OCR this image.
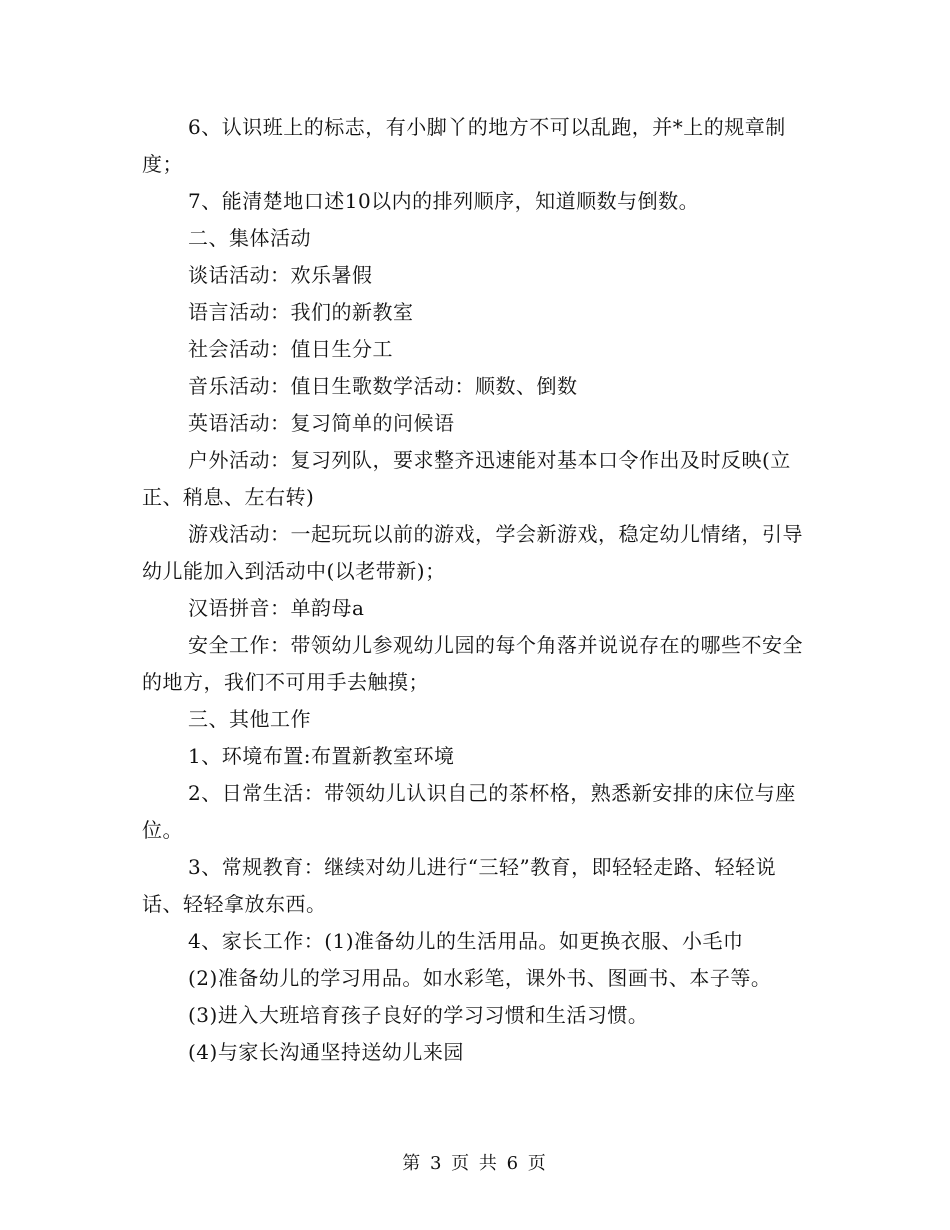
6、认识班上的标志，有小脚丫的地方不可以乱跑，并*上的规章制度；

7、能清楚地口述10以内的排列顺序，知道顺数与倒数。

二、集体活动

谈话活动：欢乐暑假

语言活动：我们的新教室

社会活动：值日生分工

音乐活动：值日生歌数学活动：顺数、倒数

英语活动：复习简单的问候语

户外活动：复习列队，要求整齐迅速能对基本口令作出及时反映(立正、稍息、左右转)

游戏活动：一起玩玩以前的游戏，学会新游戏，稳定幼儿情绪，引导幼儿能加入到活动中(以老带新)；

汉语拼音：单韵母a

安全工作：带领幼儿参观幼儿园的每个角落并说说存在的哪些不安全的地方，我们不可用手去触摸；

三、其他工作

1、环境布置:布置新教室环境

2、日常生活：带领幼儿认识自己的茶杯格，熟悉新安排的床位与座位。

3、常规教育：继续对幼儿进行“三轻”教育，即轻轻走路、轻轻说话、轻轻拿放东西。

4、家长工作：(1)准备幼儿的生活用品。如更换衣服、小毛巾

(2)准备幼儿的学习用品。如水彩笔，课外书、图画书、本子等。

(3)进入大班培育孩子良好的学习习惯和生活习惯。

(4)与家长沟通坚持送幼儿来园

第 3 页 共 6 页
